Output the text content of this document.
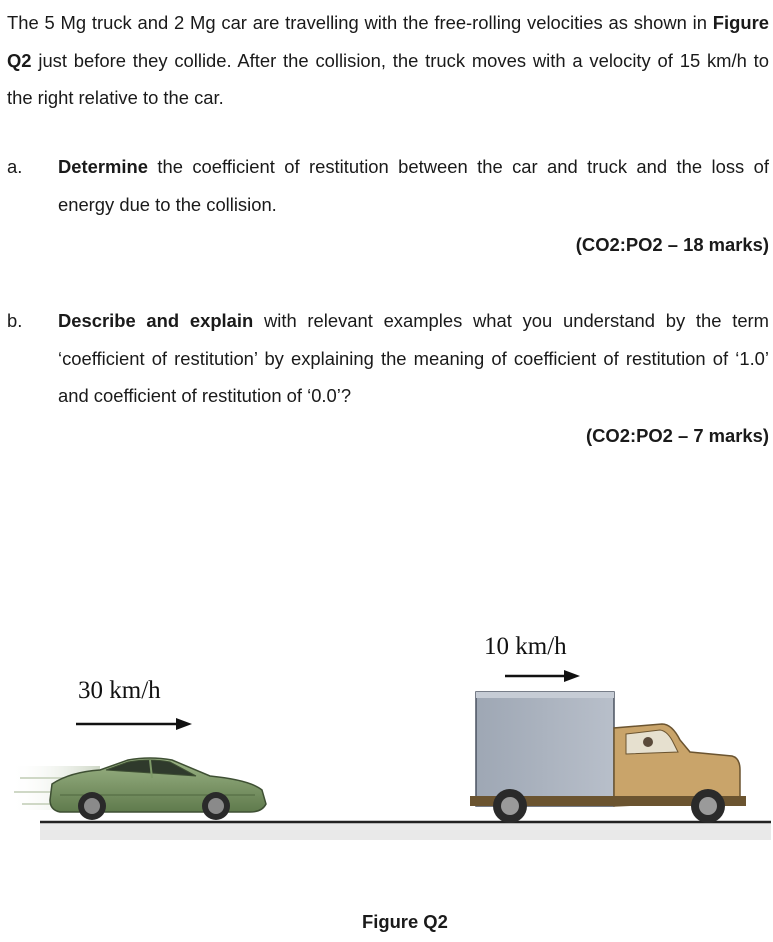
The 5 Mg truck and 2 Mg car are travelling with the free-rolling velocities as shown in Figure Q2 just before they collide. After the collision, the truck moves with a velocity of 15 km/h to the right relative to the car.
a. Determine the coefficient of restitution between the car and truck and the loss of energy due to the collision.
(CO2:PO2 – 18 marks)
b. Describe and explain with relevant examples what you understand by the term ‘coefficient of restitution’ by explaining the meaning of coefficient of restitution of ‘1.0’ and coefficient of restitution of ‘0.0’?
(CO2:PO2 – 7 marks)
30 km/h
10 km/h
Figure Q2
